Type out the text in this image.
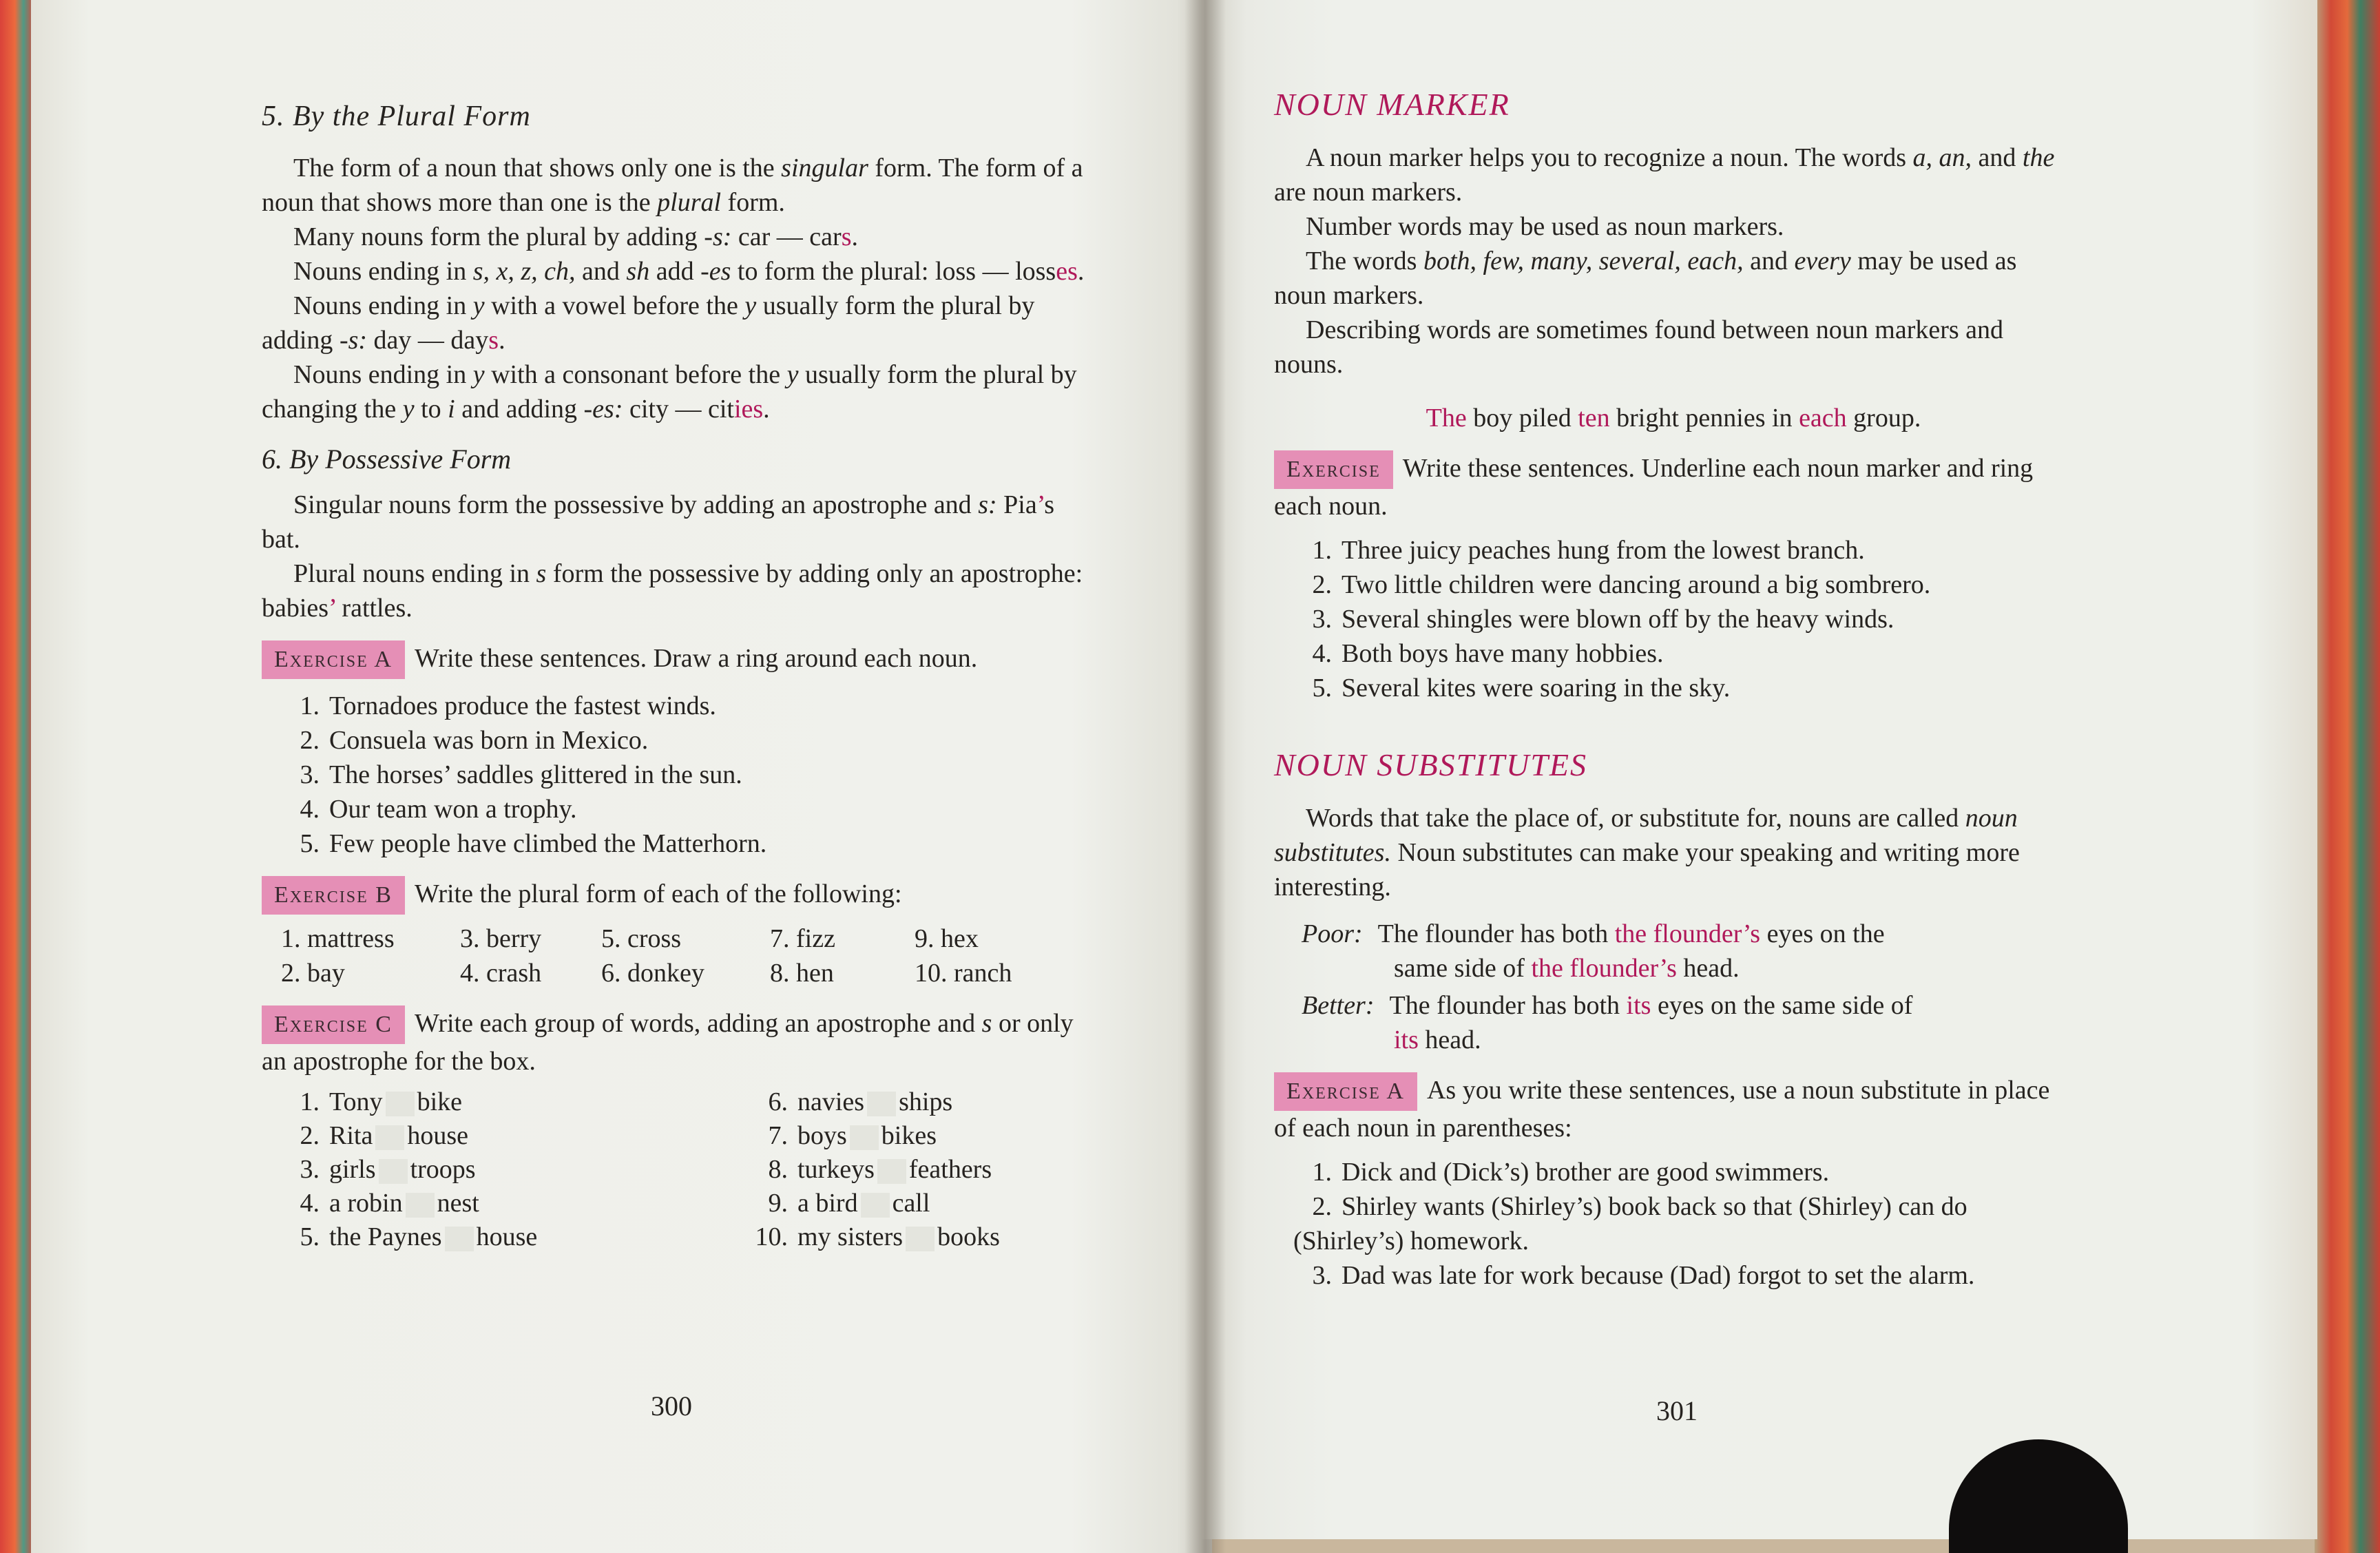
5. By the Plural Form

The form of a noun that shows only one is the singular form. The form of a noun that shows more than one is the plural form.

Many nouns form the plural by adding -s: car — cars.

Nouns ending in s, x, z, ch, and sh add -es to form the plural: loss — losses.

Nouns ending in y with a vowel before the y usually form the plural by adding -s: day — days.

Nouns ending in y with a consonant before the y usually form the plural by changing the y to i and adding -es: city — cities.

6. By Possessive Form

Singular nouns form the possessive by adding an apostrophe and s: Pia’s bat.

Plural nouns ending in s form the possessive by adding only an apostrophe: babies’ rattles.

Exercise A Write these sentences. Draw a ring around each noun.
1. Tornadoes produce the fastest winds.
2. Consuela was born in Mexico.
3. The horses’ saddles glittered in the sun.
4. Our team won a trophy.
5. Few people have climbed the Matterhorn.
Exercise B Write the plural form of each of the following:
1. mattress	3. berry	5. cross	7. fizz	9. hex
2. bay	4. crash	6. donkey	8. hen	10. ranch
Exercise C Write each group of words, adding an apostrophe and s or only an apostrophe for the box.
1. Tony bike	6. navies ships
2. Rita house	7. boys bikes
3. girls troops	8. turkeys feathers
4. a robin nest	9. a bird call
5. the Paynes house	10. my sisters books
300

NOUN MARKER

A noun marker helps you to recognize a noun. The words a, an, and the are noun markers.

Number words may be used as noun markers.

The words both, few, many, several, each, and every may be used as noun markers.

Describing words are sometimes found between noun markers and nouns.

The boy piled ten bright pennies in each group.

Exercise Write these sentences. Underline each noun marker and ring each noun.
1. Three juicy peaches hung from the lowest branch.
2. Two little children were dancing around a big sombrero.
3. Several shingles were blown off by the heavy winds.
4. Both boys have many hobbies.
5. Several kites were soaring in the sky.

NOUN SUBSTITUTES

Words that take the place of, or substitute for, nouns are called noun substitutes. Noun substitutes can make your speaking and writing more interesting.

Poor: The flounder has both the flounder’s eyes on the
same side of the flounder’s head.
Better: The flounder has both its eyes on the same side of
its head.
Exercise A As you write these sentences, use a noun substitute in place of each noun in parentheses:
1. Dick and (Dick’s) brother are good swimmers.
2. Shirley wants (Shirley’s) book back so that (Shirley) can do (Shirley’s) homework.
3. Dad was late for work because (Dad) forgot to set the alarm.
301
